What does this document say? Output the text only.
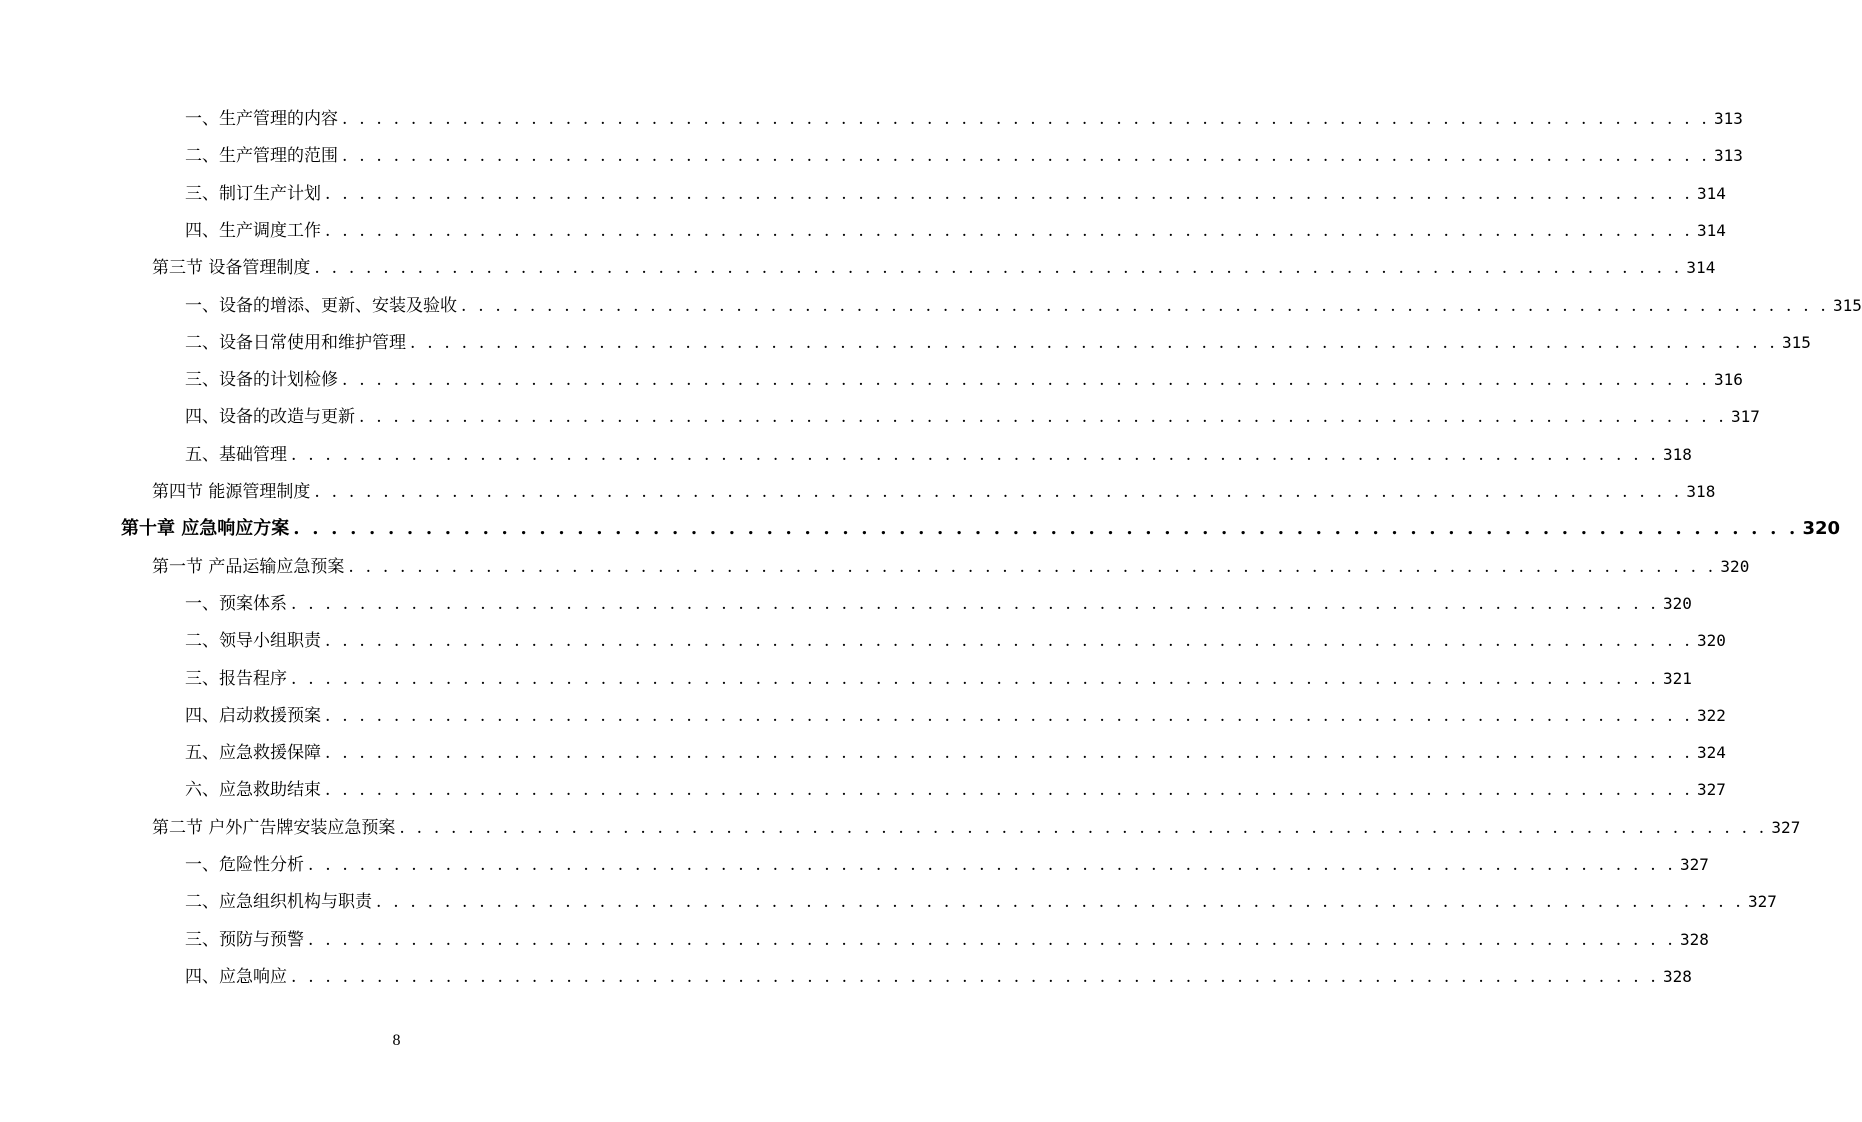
一、生产管理的内容 . . . . . . . . . . . . . . . . . . . . . . . . . . . . . . . . . . . . . . . . . . . . . . . . . . . . . . . . . . . . . . . . . . . . . . . . . . . . . . . . 313
二、生产管理的范围 . . . . . . . . . . . . . . . . . . . . . . . . . . . . . . . . . . . . . . . . . . . . . . . . . . . . . . . . . . . . . . . . . . . . . . . . . . . . . . . . 313
三、制订生产计划 . . . . . . . . . . . . . . . . . . . . . . . . . . . . . . . . . . . . . . . . . . . . . . . . . . . . . . . . . . . . . . . . . . . . . . . . . . . . . . . . 314
四、生产调度工作 . . . . . . . . . . . . . . . . . . . . . . . . . . . . . . . . . . . . . . . . . . . . . . . . . . . . . . . . . . . . . . . . . . . . . . . . . . . . . . . . 314
第三节 设备管理制度 . . . . . . . . . . . . . . . . . . . . . . . . . . . . . . . . . . . . . . . . . . . . . . . . . . . . . . . . . . . . . . . . . . . . . . . . . . . . . . . . 314
一、设备的增添、更新、安装及验收 . . . . . . . . . . . . . . . . . . . . . . . . . . . . . . . . . . . . . . . . . . . . . . . . . . . . . . . . . . . . . . . . . . . . . . . . . . . . . . . . 315
二、设备日常使用和维护管理 . . . . . . . . . . . . . . . . . . . . . . . . . . . . . . . . . . . . . . . . . . . . . . . . . . . . . . . . . . . . . . . . . . . . . . . . . . . . . . . . 315
三、设备的计划检修 . . . . . . . . . . . . . . . . . . . . . . . . . . . . . . . . . . . . . . . . . . . . . . . . . . . . . . . . . . . . . . . . . . . . . . . . . . . . . . . . 316
四、设备的改造与更新 . . . . . . . . . . . . . . . . . . . . . . . . . . . . . . . . . . . . . . . . . . . . . . . . . . . . . . . . . . . . . . . . . . . . . . . . . . . . . . . . 317
五、基础管理 . . . . . . . . . . . . . . . . . . . . . . . . . . . . . . . . . . . . . . . . . . . . . . . . . . . . . . . . . . . . . . . . . . . . . . . . . . . . . . . . 318
第四节 能源管理制度 . . . . . . . . . . . . . . . . . . . . . . . . . . . . . . . . . . . . . . . . . . . . . . . . . . . . . . . . . . . . . . . . . . . . . . . . . . . . . . . . 318
第十章 应急响应方案 . . . . . . . . . . . . . . . . . . . . . . . . . . . . . . . . . . . . . . . . . . . . . . . . . . . . . . . . . . . . . . . . . . . . . . . . . . . . . . . . 320
第一节 产品运输应急预案 . . . . . . . . . . . . . . . . . . . . . . . . . . . . . . . . . . . . . . . . . . . . . . . . . . . . . . . . . . . . . . . . . . . . . . . . . . . . . . . . 320
一、预案体系 . . . . . . . . . . . . . . . . . . . . . . . . . . . . . . . . . . . . . . . . . . . . . . . . . . . . . . . . . . . . . . . . . . . . . . . . . . . . . . . . 320
二、领导小组职责 . . . . . . . . . . . . . . . . . . . . . . . . . . . . . . . . . . . . . . . . . . . . . . . . . . . . . . . . . . . . . . . . . . . . . . . . . . . . . . . . 320
三、报告程序 . . . . . . . . . . . . . . . . . . . . . . . . . . . . . . . . . . . . . . . . . . . . . . . . . . . . . . . . . . . . . . . . . . . . . . . . . . . . . . . . 321
四、启动救援预案 . . . . . . . . . . . . . . . . . . . . . . . . . . . . . . . . . . . . . . . . . . . . . . . . . . . . . . . . . . . . . . . . . . . . . . . . . . . . . . . . 322
五、应急救援保障 . . . . . . . . . . . . . . . . . . . . . . . . . . . . . . . . . . . . . . . . . . . . . . . . . . . . . . . . . . . . . . . . . . . . . . . . . . . . . . . . 324
六、应急救助结束 . . . . . . . . . . . . . . . . . . . . . . . . . . . . . . . . . . . . . . . . . . . . . . . . . . . . . . . . . . . . . . . . . . . . . . . . . . . . . . . . 327
第二节 户外广告牌安装应急预案 . . . . . . . . . . . . . . . . . . . . . . . . . . . . . . . . . . . . . . . . . . . . . . . . . . . . . . . . . . . . . . . . . . . . . . . . . . . . . . . . 327
一、危险性分析 . . . . . . . . . . . . . . . . . . . . . . . . . . . . . . . . . . . . . . . . . . . . . . . . . . . . . . . . . . . . . . . . . . . . . . . . . . . . . . . . 327
二、应急组织机构与职责 . . . . . . . . . . . . . . . . . . . . . . . . . . . . . . . . . . . . . . . . . . . . . . . . . . . . . . . . . . . . . . . . . . . . . . . . . . . . . . . . 327
三、预防与预警 . . . . . . . . . . . . . . . . . . . . . . . . . . . . . . . . . . . . . . . . . . . . . . . . . . . . . . . . . . . . . . . . . . . . . . . . . . . . . . . . 328
四、应急响应 . . . . . . . . . . . . . . . . . . . . . . . . . . . . . . . . . . . . . . . . . . . . . . . . . . . . . . . . . . . . . . . . . . . . . . . . . . . . . . . . 328
8
